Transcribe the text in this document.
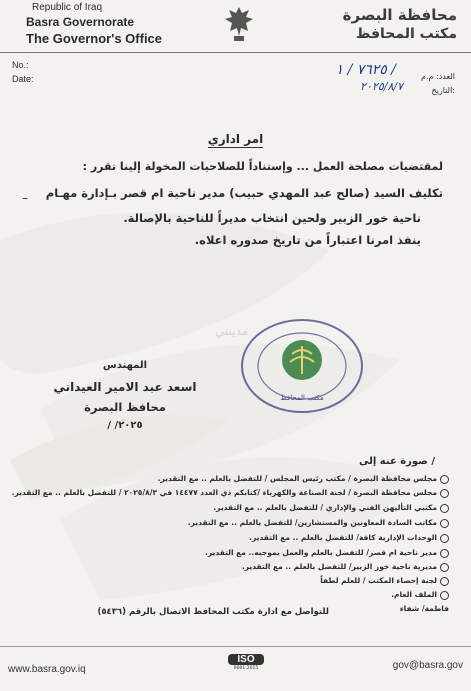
Republic of Iraq
Basra Governorate
The Governor's Office
محافظة البصرة
مكتب المحافظ
No.:
Date:
٧٦٢٥ / ١ /	العدد: م.م
٢٠٢٥/٨/٧	التاريخ:
امر اداري
لمقتضيات مصلحة العمل ... وإستناداً للصلاحيات المخولة إلينا تقرر :
–	تكليف السيد (صالح عبد المهدي حبيب) مدير ناحية ام قصر بـإدارة مهـام
ناحية خور الزبير ولحين انتخاب مديراً للناحية بالإصالة.
ينفذ امرنا اعتباراً من تاريخ صدوره اعلاه.
مدينتي
مكتب المحافظ
المهندس
اسعد عبد الامير العيداني
محافظ البصرة
/ /٢٠٢٥
صورة عنه إلى /
مجلس محافظة البصرة / مكتب رئيس المجلس / للتفضل بالعلم .. مع التقدير.
مجلس محافظة البصرة / لجنة الصناعة والكهرباء /كتابكم ذي العدد ١٤٤٧٧ في ٢٠٢٥/٨/٣ / للتفضل بالعلم .. مع التقدير.
مكتبي التأليهن الفني والإداري / للتفضل بالعلم .. مع التقدير.
مكاتب السادة المعاونين والمستشارين/ للتفضل بالعلم .. مع التقدير.
الوحدات الإدارية كافة/ للتفضل بالعلم .. مع التقدير.
مدير ناحية ام قصر/ للتفضل بالعلم والعمل بموجبه.. مع التقدير.
مديرية ناحية خور الزبير/ للتفضل بالعلم .. مع التقدير.
لجنة إحصاء المكتب / للعلم لطفاً
الملف العام.
فاطمة/ شفاء
للتواصل مع ادارة مكتب المحافظ الاتصال بالرقم (٥٤٣٦)
www.basra.gov.iq
ISO
9001:2015	gov@basra.gov
